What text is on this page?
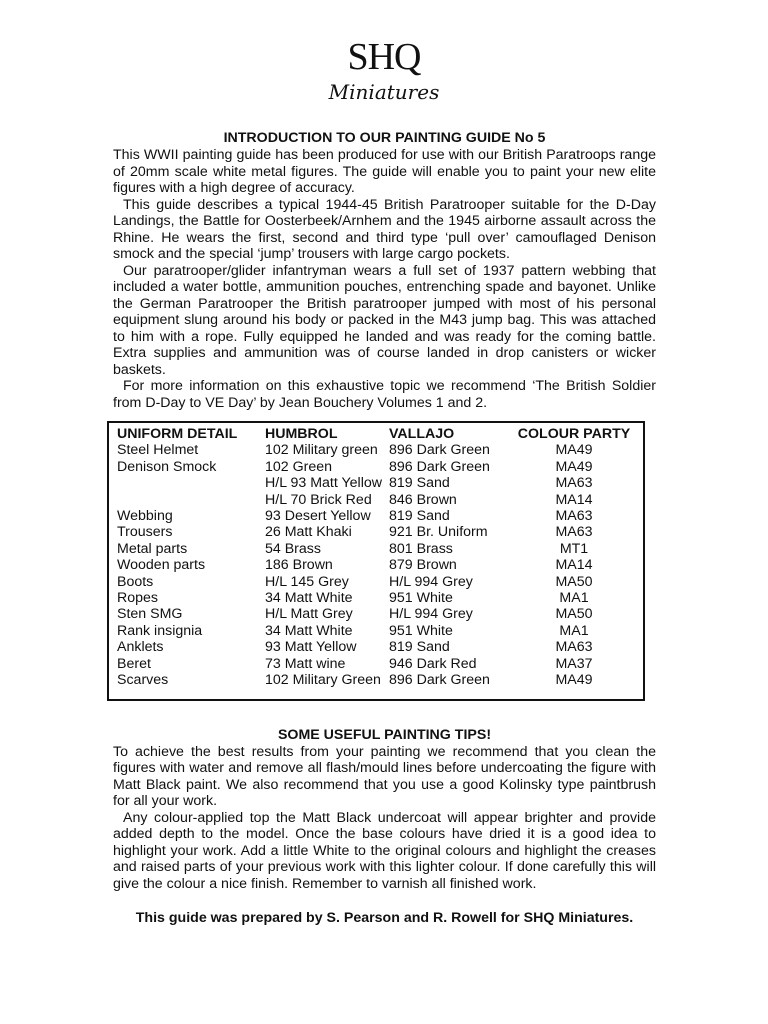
SHQ
Miniatures
INTRODUCTION TO OUR PAINTING GUIDE No 5

This WWII painting guide has been produced for use with our British Paratroops range of 20mm scale white metal figures. The guide will enable you to paint your new elite figures with a high degree of accuracy.

This guide describes a typical 1944-45 British Paratrooper suitable for the D-Day Landings, the Battle for Oosterbeek/Arnhem and the 1945 airborne assault across the Rhine. He wears the first, second and third type ‘pull over’ camouflaged Denison smock and the special ‘jump’ trousers with large cargo pockets.

Our paratrooper/glider infantryman wears a full set of 1937 pattern webbing that included a water bottle, ammunition pouches, entrenching spade and bayonet. Unlike the German Paratrooper the British paratrooper jumped with most of his personal equipment slung around his body or packed in the M43 jump bag. This was attached to him with a rope. Fully equipped he landed and was ready for the coming battle. Extra supplies and ammunition was of course landed in drop canisters or wicker baskets.

For more information on this exhaustive topic we recommend ‘The British Soldier from D-Day to VE Day’ by Jean Bouchery Volumes 1 and 2.

UNIFORM DETAIL	HUMBROL	VALLAJO	COLOUR PARTY
Steel Helmet	102 Military green	896 Dark Green	MA49
Denison Smock	102 Green	896 Dark Green	MA49
	H/L 93 Matt Yellow	819 Sand	MA63
	H/L 70 Brick Red	846 Brown	MA14
Webbing	93 Desert Yellow	819 Sand	MA63
Trousers	26 Matt Khaki	921 Br. Uniform	MA63
Metal parts	54 Brass	801 Brass	MT1
Wooden parts	186 Brown	879 Brown	MA14
Boots	H/L 145 Grey	H/L 994 Grey	MA50
Ropes	34 Matt White	951 White	MA1
Sten SMG	H/L Matt Grey	H/L 994 Grey	MA50
Rank insignia	34 Matt White	951 White	MA1
Anklets	93 Matt Yellow	819 Sand	MA63
Beret	73 Matt wine	946 Dark Red	MA37
Scarves	102 Military Green	896 Dark Green	MA49
SOME USEFUL PAINTING TIPS!

To achieve the best results from your painting we recommend that you clean the figures with water and remove all flash/mould lines before undercoating the figure with Matt Black paint. We also recommend that you use a good Kolinsky type paintbrush for all your work.

Any colour-applied top the Matt Black undercoat will appear brighter and provide added depth to the model. Once the base colours have dried it is a good idea to highlight your work. Add a little White to the original colours and highlight the creases and raised parts of your previous work with this lighter colour. If done carefully this will give the colour a nice finish. Remember to varnish all finished work.

This guide was prepared by S. Pearson and R. Rowell for SHQ Miniatures.
